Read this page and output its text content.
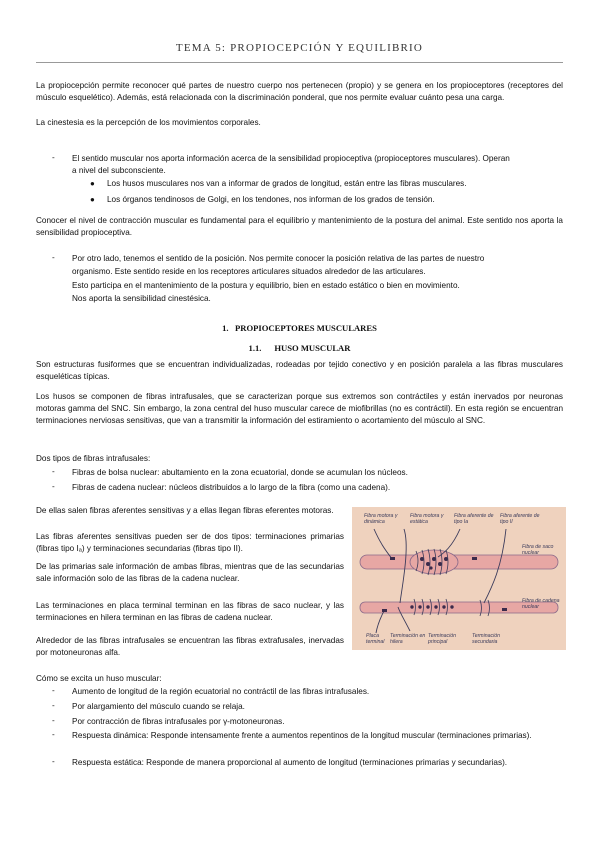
TEMA 5: PROPIOCEPCIÓN Y EQUILIBRIO

La propiocepción permite reconocer qué partes de nuestro cuerpo nos pertenecen (propio) y se genera en los propioceptores (receptores del músculo esquelético). Además, está relacionada con la discriminación ponderal, que nos permite evaluar cuánto pesa una carga.

La cinestesia es la percepción de los movimientos corporales.

- El sentido muscular nos aporta información acerca de la sensibilidad propioceptiva (propioceptores musculares). Operan

a nivel del subconsciente.

● Los husos musculares nos van a informar de grados de longitud, están entre las fibras musculares.

● Los órganos tendinosos de Golgi, en los tendones, nos informan de los grados de tensión.

Conocer el nivel de contracción muscular es fundamental para el equilibrio y mantenimiento de la postura del animal. Este sentido nos aporta la sensibilidad propioceptiva.

- Por otro lado, tenemos el sentido de la posición. Nos permite conocer la posición relativa de las partes de nuestro

organismo. Este sentido reside en los receptores articulares situados alrededor de las articulares.

Esto participa en el mantenimiento de la postura y equilibrio, bien en estado estático o bien en movimiento.

Nos aporta la sensibilidad cinestésica.

1. PROPIOCEPTORES MUSCULARES
1.1. HUSO MUSCULAR

Son estructuras fusiformes que se encuentran individualizadas, rodeadas por tejido conectivo y en posición paralela a las fibras musculares esqueléticas típicas.

Los husos se componen de fibras intrafusales, que se caracterizan porque sus extremos son contráctiles y están inervados por neuronas motoras gamma del SNC. Sin embargo, la zona central del huso muscular carece de miofibrillas (no es contráctil). En esta región se encuentran terminaciones nerviosas sensitivas, que van a transmitir la información del estiramiento o acortamiento del músculo al SNC.

Dos tipos de fibras intrafusales:

- Fibras de bolsa nuclear: abultamiento en la zona ecuatorial, donde se acumulan los núcleos.

- Fibras de cadena nuclear: núcleos distribuidos a lo largo de la fibra (como una cadena).

De ellas salen fibras aferentes sensitivas y a ellas llegan fibras eferentes motoras.

Las fibras aferentes sensitivas pueden ser de dos tipos: terminaciones primarias (fibras tipo Iₐ) y terminaciones secundarias (fibras tipo II).

De las primarias sale información de ambas fibras, mientras que de las secundarias sale información solo de las fibras de la cadena nuclear.

Las terminaciones en placa terminal terminan en las fibras de saco nuclear, y las terminaciones en hilera terminan en las fibras de cadena nuclear.

Alrededor de las fibras intrafusales se encuentran las fibras extrafusales, inervadas por motoneuronas alfa.

Fibra motora γ dinámica
Fibra motora γ estática
Fibra aferente de tipo Ia
Fibra aferente de tipo II
Fibra de saco nuclear
Fibra de cadena nuclear
Placa terminal
Terminación en hilera
Terminación principal
Terminación secundaria

Cómo se excita un huso muscular:

- Aumento de longitud de la región ecuatorial no contráctil de las fibras intrafusales.

- Por alargamiento del músculo cuando se relaja.

- Por contracción de fibras intrafusales por γ-motoneuronas.

- Respuesta dinámica: Responde intensamente frente a aumentos repentinos de la longitud muscular (terminaciones primarias).

- Respuesta estática: Responde de manera proporcional al aumento de longitud (terminaciones primarias y secundarias).
